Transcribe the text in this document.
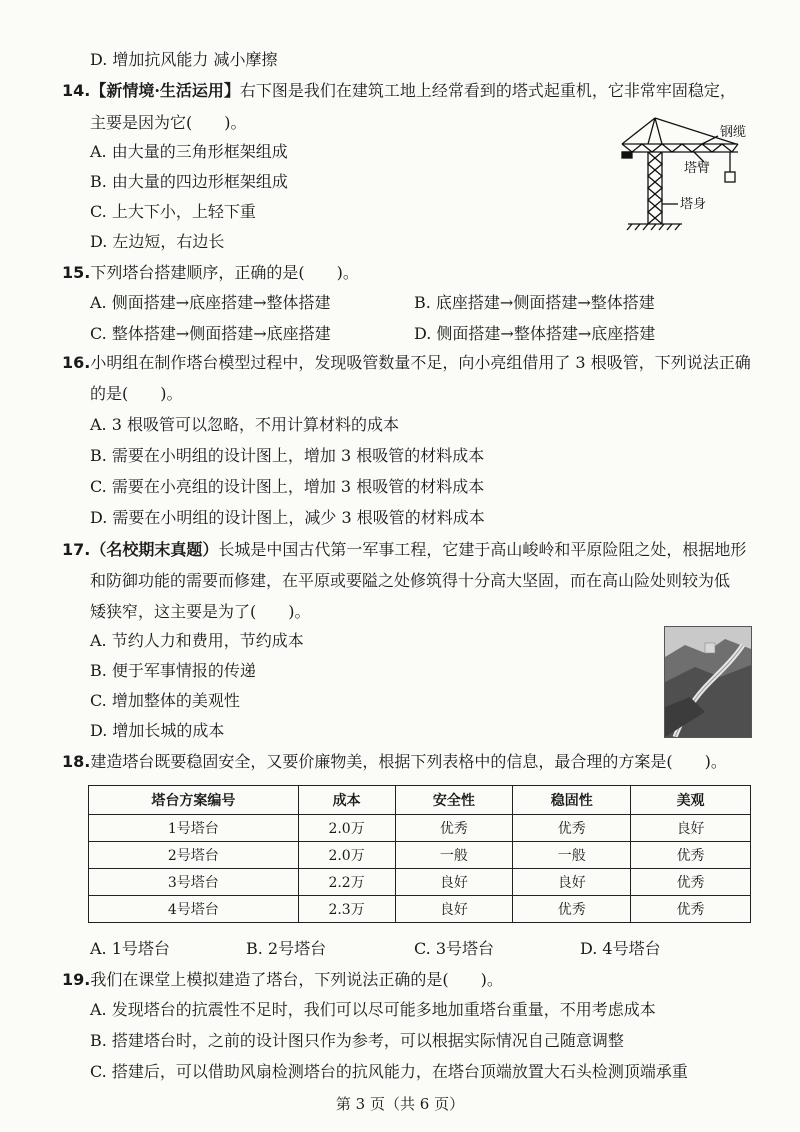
D. 增加抗风能力 减小摩擦
14.【新情境·生活运用】右下图是我们在建筑工地上经常看到的塔式起重机，它非常牢固稳定，
主要是因为它(　　)。
A. 由大量的三角形框架组成
B. 由大量的四边形框架组成
C. 上大下小，上轻下重
D. 左边短，右边长
钢缆
塔臂
塔身
15.下列塔台搭建顺序，正确的是(　　)。
A. 侧面搭建→底座搭建→整体搭建	B. 底座搭建→侧面搭建→整体搭建
C. 整体搭建→侧面搭建→底座搭建	D. 侧面搭建→整体搭建→底座搭建
16.小明组在制作塔台模型过程中，发现吸管数量不足，向小亮组借用了 3 根吸管，下列说法正确
的是(　　)。
A. 3 根吸管可以忽略，不用计算材料的成本
B. 需要在小明组的设计图上，增加 3 根吸管的材料成本
C. 需要在小亮组的设计图上，增加 3 根吸管的材料成本
D. 需要在小明组的设计图上，减少 3 根吸管的材料成本
17.（名校期末真题）长城是中国古代第一军事工程，它建于高山峻岭和平原险阻之处，根据地形
和防御功能的需要而修建，在平原或要隘之处修筑得十分高大坚固，而在高山险处则较为低
矮狭窄，这主要是为了(　　)。
A. 节约人力和费用，节约成本
B. 便于军事情报的传递
C. 增加整体的美观性
D. 增加长城的成本
18.建造塔台既要稳固安全，又要价廉物美，根据下列表格中的信息，最合理的方案是(　　)。
塔台方案编号	成本	安全性	稳固性	美观
1号塔台	2.0万	优秀	优秀	良好
2号塔台	2.0万	一般	一般	优秀
3号塔台	2.2万	良好	良好	优秀
4号塔台	2.3万	良好	优秀	优秀
A. 1号塔台	B. 2号塔台	C. 3号塔台	D. 4号塔台
19.我们在课堂上模拟建造了塔台，下列说法正确的是(　　)。
A. 发现塔台的抗震性不足时，我们可以尽可能多地加重塔台重量，不用考虑成本
B. 搭建塔台时，之前的设计图只作为参考，可以根据实际情况自己随意调整
C. 搭建后，可以借助风扇检测塔台的抗风能力，在塔台顶端放置大石头检测顶端承重
第 3 页（共 6 页）
